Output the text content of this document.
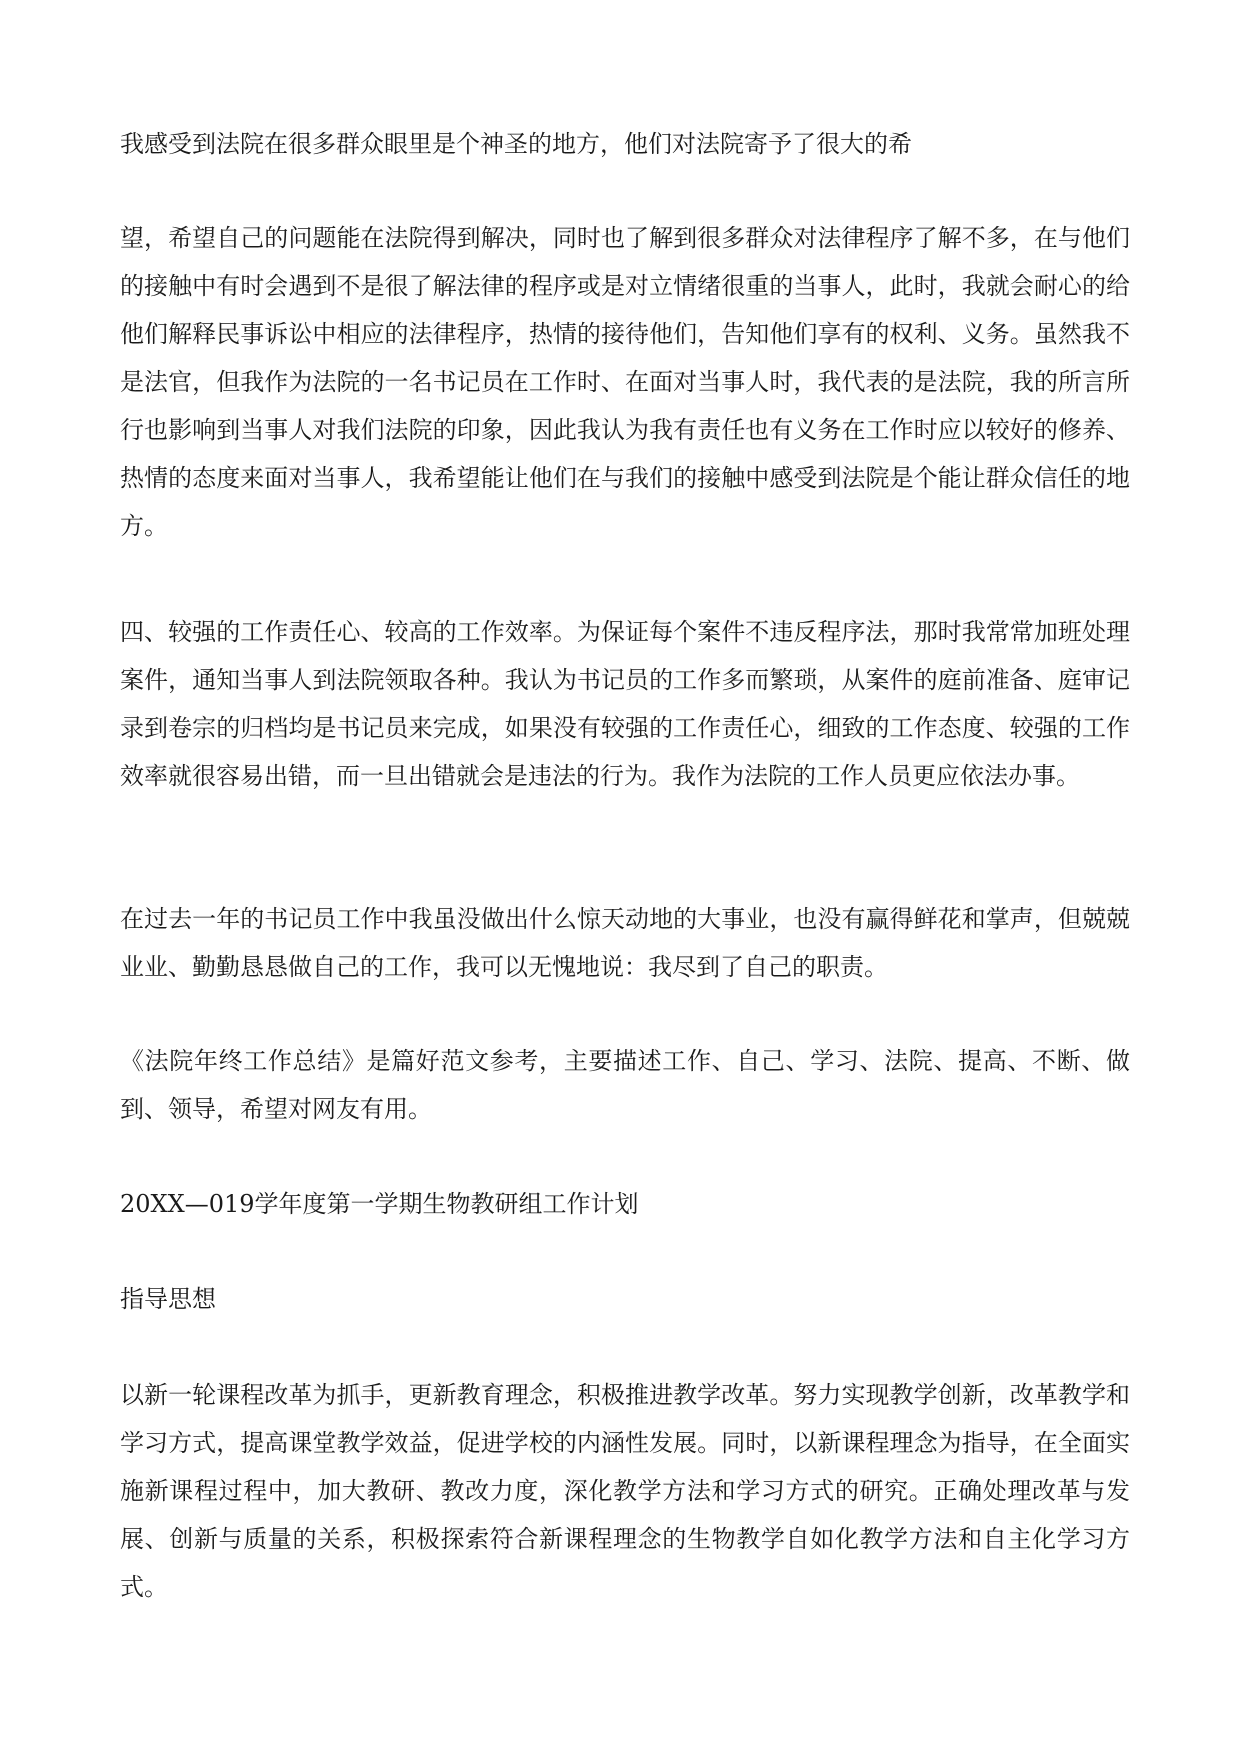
我感受到法院在很多群众眼里是个神圣的地方，他们对法院寄予了很大的希

望，希望自己的问题能在法院得到解决，同时也了解到很多群众对法律程序了解不多，在与他们的接触中有时会遇到不是很了解法律的程序或是对立情绪很重的当事人，此时，我就会耐心的给他们解释民事诉讼中相应的法律程序，热情的接待他们，告知他们享有的权利、义务。虽然我不是法官，但我作为法院的一名书记员在工作时、在面对当事人时，我代表的是法院，我的所言所行也影响到当事人对我们法院的印象，因此我认为我有责任也有义务在工作时应以较好的修养、热情的态度来面对当事人，我希望能让他们在与我们的接触中感受到法院是个能让群众信任的地方。

四、较强的工作责任心、较高的工作效率。为保证每个案件不违反程序法，那时我常常加班处理案件，通知当事人到法院领取各种。我认为书记员的工作多而繁琐，从案件的庭前准备、庭审记录到卷宗的归档均是书记员来完成，如果没有较强的工作责任心，细致的工作态度、较强的工作效率就很容易出错，而一旦出错就会是违法的行为。我作为法院的工作人员更应依法办事。

在过去一年的书记员工作中我虽没做出什么惊天动地的大事业，也没有赢得鲜花和掌声，但兢兢业业、勤勤恳恳做自己的工作，我可以无愧地说：我尽到了自己的职责。

《法院年终工作总结》是篇好范文参考，主要描述工作、自己、学习、法院、提高、不断、做到、领导，希望对网友有用。

20XX—019学年度第一学期生物教研组工作计划

指导思想

以新一轮课程改革为抓手，更新教育理念，积极推进教学改革。努力实现教学创新，改革教学和学习方式，提高课堂教学效益，促进学校的内涵性发展。同时，以新课程理念为指导，在全面实施新课程过程中，加大教研、教改力度，深化教学方法和学习方式的研究。正确处理改革与发展、创新与质量的关系，积极探索符合新课程理念的生物教学自如化教学方法和自主化学习方式。
